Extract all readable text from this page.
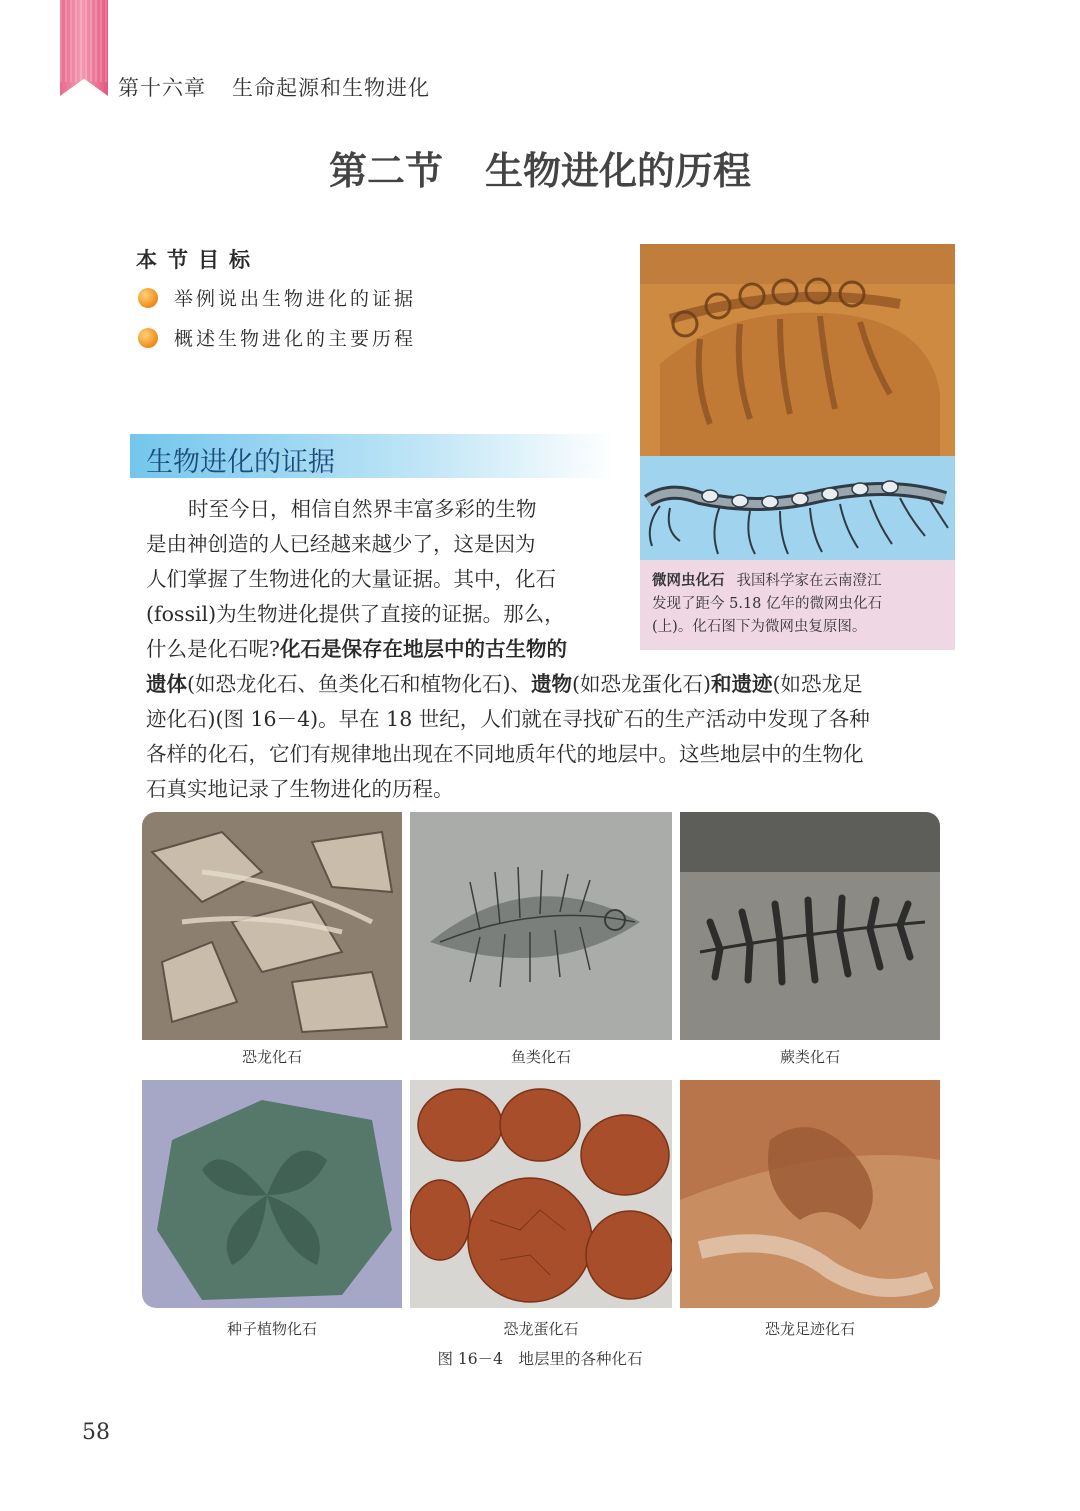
第十六章 生命起源和生物进化
第二节 生物进化的历程
本节目标
举例说出生物进化的证据
概述生物进化的主要历程
微网虫化石 我国科学家在云南澄江
发现了距今 5.18 亿年的微网虫化石
(上)。化石图下为微网虫复原图。
生物进化的证据
时至今日，相信自然界丰富多彩的生物
是由神创造的人已经越来越少了，这是因为
人们掌握了生物进化的大量证据。其中，化石
(fossil)为生物进化提供了直接的证据。那么，
什么是化石呢?化石是保存在地层中的古生物的
遗体(如恐龙化石、鱼类化石和植物化石)、遗物(如恐龙蛋化石)和遗迹(如恐龙足
迹化石)(图 16－4)。早在 18 世纪，人们就在寻找矿石的生产活动中发现了各种
各样的化石，它们有规律地出现在不同地质年代的地层中。这些地层中的生物化
石真实地记录了生物进化的历程。
恐龙化石	鱼类化石	蕨类化石
种子植物化石	恐龙蛋化石	恐龙足迹化石
图 16－4　地层里的各种化石
58
